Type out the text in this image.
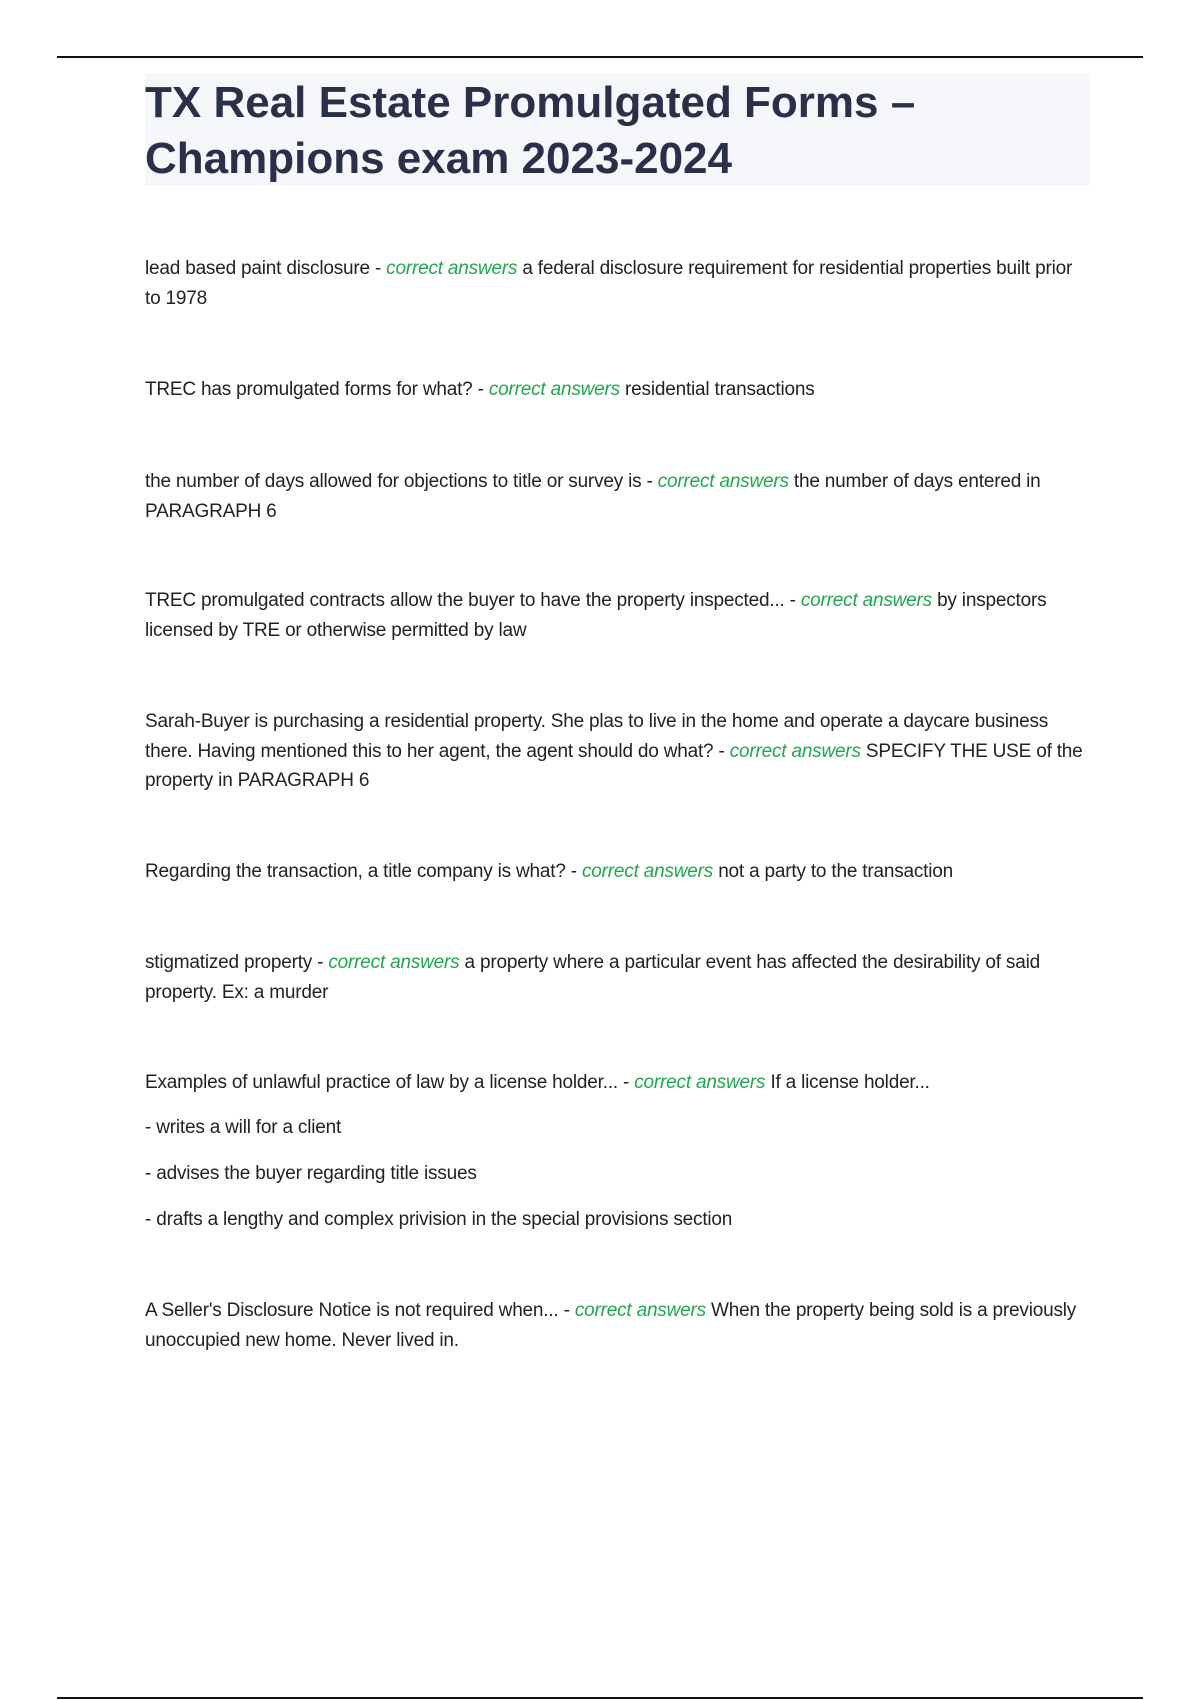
TX Real Estate Promulgated Forms –
Champions exam 2023-2024
lead based paint disclosure - correct answers a federal disclosure requirement for residential properties built prior to 1978
TREC has promulgated forms for what? - correct answers residential transactions
the number of days allowed for objections to title or survey is - correct answers the number of days entered in PARAGRAPH 6
TREC promulgated contracts allow the buyer to have the property inspected... - correct answers by inspectors licensed by TRE or otherwise permitted by law
Sarah-Buyer is purchasing a residential property. She plas to live in the home and operate a daycare business there. Having mentioned this to her agent, the agent should do what? - correct answers SPECIFY THE USE of the property in PARAGRAPH 6
Regarding the transaction, a title company is what? - correct answers not a party to the transaction
stigmatized property - correct answers a property where a particular event has affected the desirability of said property. Ex: a murder
Examples of unlawful practice of law by a license holder... - correct answers If a license holder...
- writes a will for a client
- advises the buyer regarding title issues
- drafts a lengthy and complex privision in the special provisions section
A Seller's Disclosure Notice is not required when... - correct answers When the property being sold is a previously unoccupied new home. Never lived in.
